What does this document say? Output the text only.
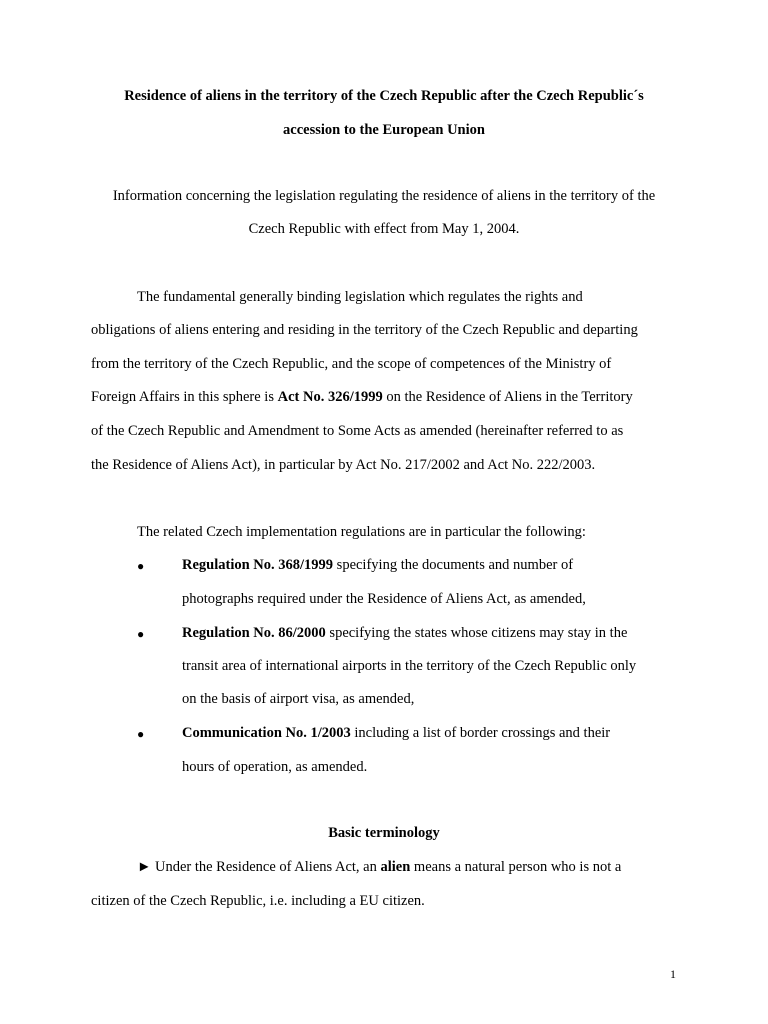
Residence of aliens in the territory of the Czech Republic after the Czech Republic´s
accession to the European Union
Information concerning the legislation regulating the residence of aliens in the territory of the
Czech Republic with effect from May 1, 2004.
The fundamental generally binding legislation which regulates the rights and
obligations of aliens entering and residing in the territory of the Czech Republic and departing
from the territory of the Czech Republic, and the scope of competences of the Ministry of
Foreign Affairs in this sphere is Act No. 326/1999 on the Residence of Aliens in the Territory
of the Czech Republic and Amendment to Some Acts as amended (hereinafter referred to as
the Residence of Aliens Act), in particular by Act No. 217/2002 and Act No. 222/2003.
The related Czech implementation regulations are in particular the following:
●	Regulation No. 368/1999 specifying the documents and number of
photographs required under the Residence of Aliens Act, as amended,
●	Regulation No. 86/2000 specifying the states whose citizens may stay in the
transit area of international airports in the territory of the Czech Republic only
on the basis of airport visa, as amended,
●	Communication No. 1/2003 including a list of border crossings and their
hours of operation, as amended.
Basic terminology
► Under the Residence of Aliens Act, an alien means a natural person who is not a
citizen of the Czech Republic, i.e. including a EU citizen.
1
